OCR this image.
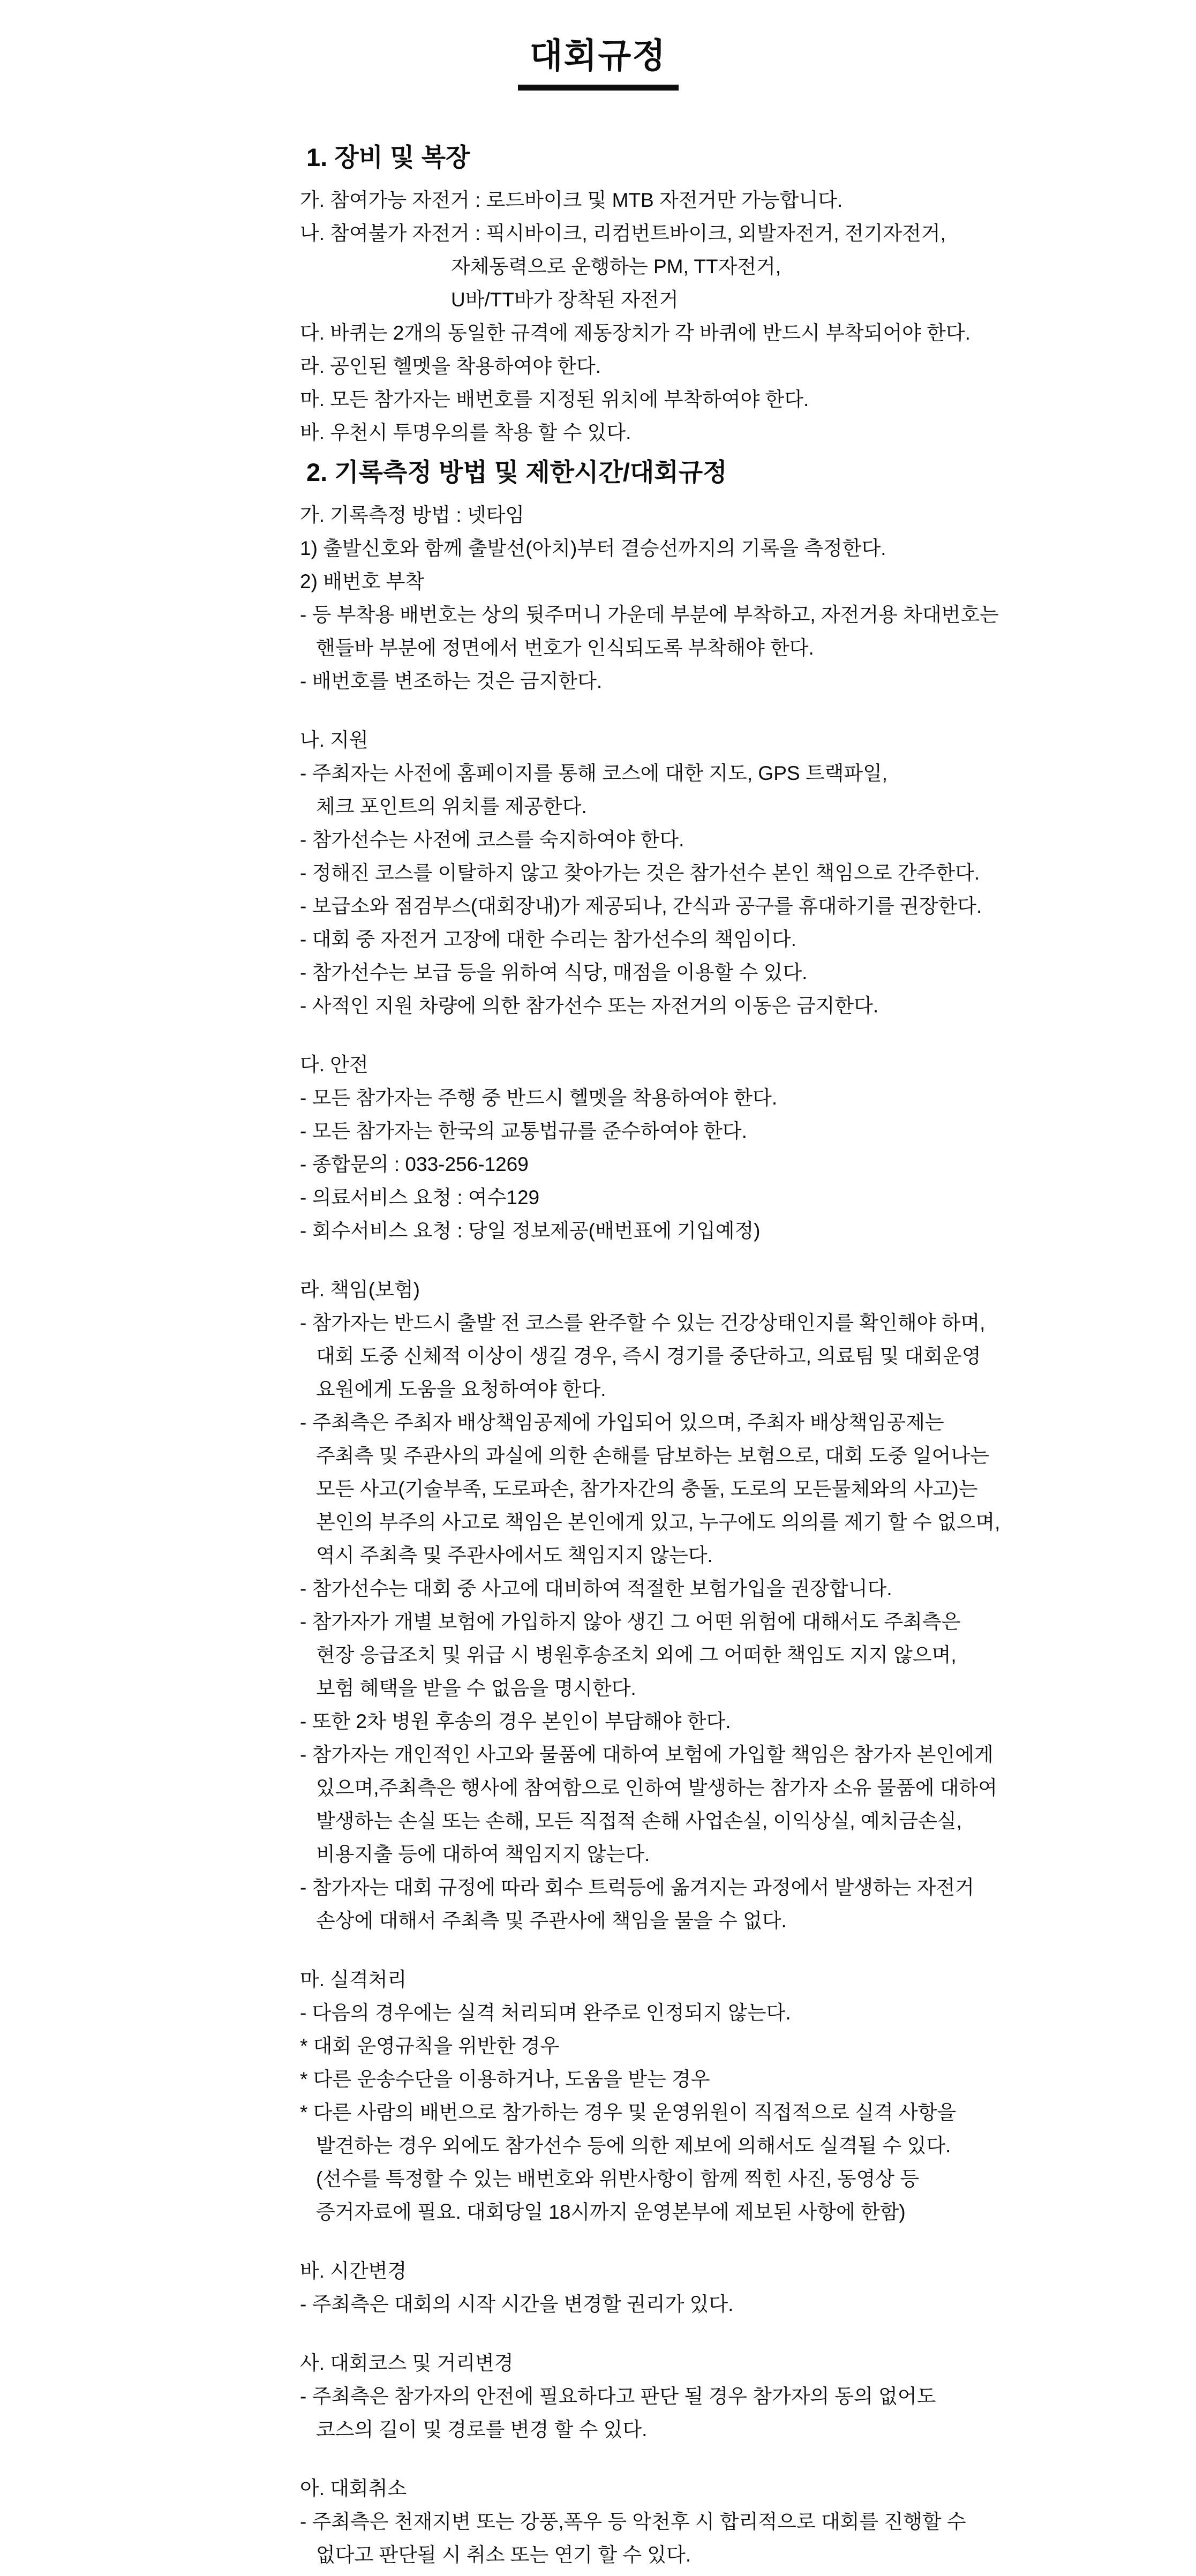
대회규정
1. 장비 및 복장
가. 참여가능 자전거 : 로드바이크 및 MTB 자전거만 가능합니다.
나. 참여불가 자전거 : 픽시바이크, 리컴번트바이크, 외발자전거, 전기자전거,
자체동력으로 운행하는 PM, TT자전거,
U바/TT바가 장착된 자전거
다. 바퀴는 2개의 동일한 규격에 제동장치가 각 바퀴에 반드시 부착되어야 한다.
라. 공인된 헬멧을 착용하여야 한다.
마. 모든 참가자는 배번호를 지정된 위치에 부착하여야 한다.
바. 우천시 투명우의를 착용 할 수 있다.
2. 기록측정 방법 및 제한시간/대회규정
가. 기록측정 방법 : 넷타임
1) 출발신호와 함께 출발선(아치)부터 결승선까지의 기록을 측정한다.
2) 배번호 부착
- 등 부착용 배번호는 상의 뒷주머니 가운데 부분에 부착하고, 자전거용 차대번호는
핸들바 부분에 정면에서 번호가 인식되도록 부착해야 한다.
- 배번호를 변조하는 것은 금지한다.
나. 지원
- 주최자는 사전에 홈페이지를 통해 코스에 대한 지도, GPS 트랙파일,
체크 포인트의 위치를 제공한다.
- 참가선수는 사전에 코스를 숙지하여야 한다.
- 정해진 코스를 이탈하지 않고 찾아가는 것은 참가선수 본인 책임으로 간주한다.
- 보급소와 점검부스(대회장내)가 제공되나, 간식과 공구를 휴대하기를 권장한다.
- 대회 중 자전거 고장에 대한 수리는 참가선수의 책임이다.
- 참가선수는 보급 등을 위하여 식당, 매점을 이용할 수 있다.
- 사적인 지원 차량에 의한 참가선수 또는 자전거의 이동은 금지한다.
다. 안전
- 모든 참가자는 주행 중 반드시 헬멧을 착용하여야 한다.
- 모든 참가자는 한국의 교통법규를 준수하여야 한다.
- 종합문의 : 033-256-1269
- 의료서비스 요청 : 여수129
- 회수서비스 요청 : 당일 정보제공(배번표에 기입예정)
라. 책임(보험)
- 참가자는 반드시 출발 전 코스를 완주할 수 있는 건강상태인지를 확인해야 하며,
대회 도중 신체적 이상이 생길 경우, 즉시 경기를 중단하고, 의료팀 및 대회운영
요원에게 도움을 요청하여야 한다.
- 주최측은 주최자 배상책임공제에 가입되어 있으며, 주최자 배상책임공제는
주최측 및 주관사의 과실에 의한 손해를 담보하는 보험으로, 대회 도중 일어나는
모든 사고(기술부족, 도로파손, 참가자간의 충돌, 도로의 모든물체와의 사고)는
본인의 부주의 사고로 책임은 본인에게 있고, 누구에도 의의를 제기 할 수 없으며,
역시 주최측 및 주관사에서도 책임지지 않는다.
- 참가선수는 대회 중 사고에 대비하여 적절한 보험가입을 권장합니다.
- 참가자가 개별 보험에 가입하지 않아 생긴 그 어떤 위험에 대해서도 주최측은
현장 응급조치 및 위급 시 병원후송조치 외에 그 어떠한 책임도 지지 않으며,
보험 혜택을 받을 수 없음을 명시한다.
- 또한 2차 병원 후송의 경우 본인이 부담해야 한다.
- 참가자는 개인적인 사고와 물품에 대하여 보험에 가입할 책임은 참가자 본인에게
있으며,주최측은 행사에 참여함으로 인하여 발생하는 참가자 소유 물품에 대하여
발생하는 손실 또는 손해, 모든 직접적 손해 사업손실, 이익상실, 예치금손실,
비용지출 등에 대하여 책임지지 않는다.
- 참가자는 대회 규정에 따라 회수 트럭등에 옮겨지는 과정에서 발생하는 자전거
손상에 대해서 주최측 및 주관사에 책임을 물을 수 없다.
마. 실격처리
- 다음의 경우에는 실격 처리되며 완주로 인정되지 않는다.
* 대회 운영규칙을 위반한 경우
* 다른 운송수단을 이용하거나, 도움을 받는 경우
* 다른 사람의 배번으로 참가하는 경우 및 운영위원이 직접적으로 실격 사항을
발견하는 경우 외에도 참가선수 등에 의한 제보에 의해서도 실격될 수 있다.
(선수를 특정할 수 있는 배번호와 위반사항이 함께 찍힌 사진, 동영상 등
증거자료에 필요. 대회당일 18시까지 운영본부에 제보된 사항에 한함)
바. 시간변경
- 주최측은 대회의 시작 시간을 변경할 권리가 있다.
사. 대회코스 및 거리변경
- 주최측은 참가자의 안전에 필요하다고 판단 될 경우 참가자의 동의 없어도
코스의 길이 및 경로를 변경 할 수 있다.
아. 대회취소
- 주최측은 천재지변 또는 강풍,폭우 등 악천후 시 합리적으로 대회를 진행할 수
없다고 판단될 시 취소 또는 연기 할 수 있다.
